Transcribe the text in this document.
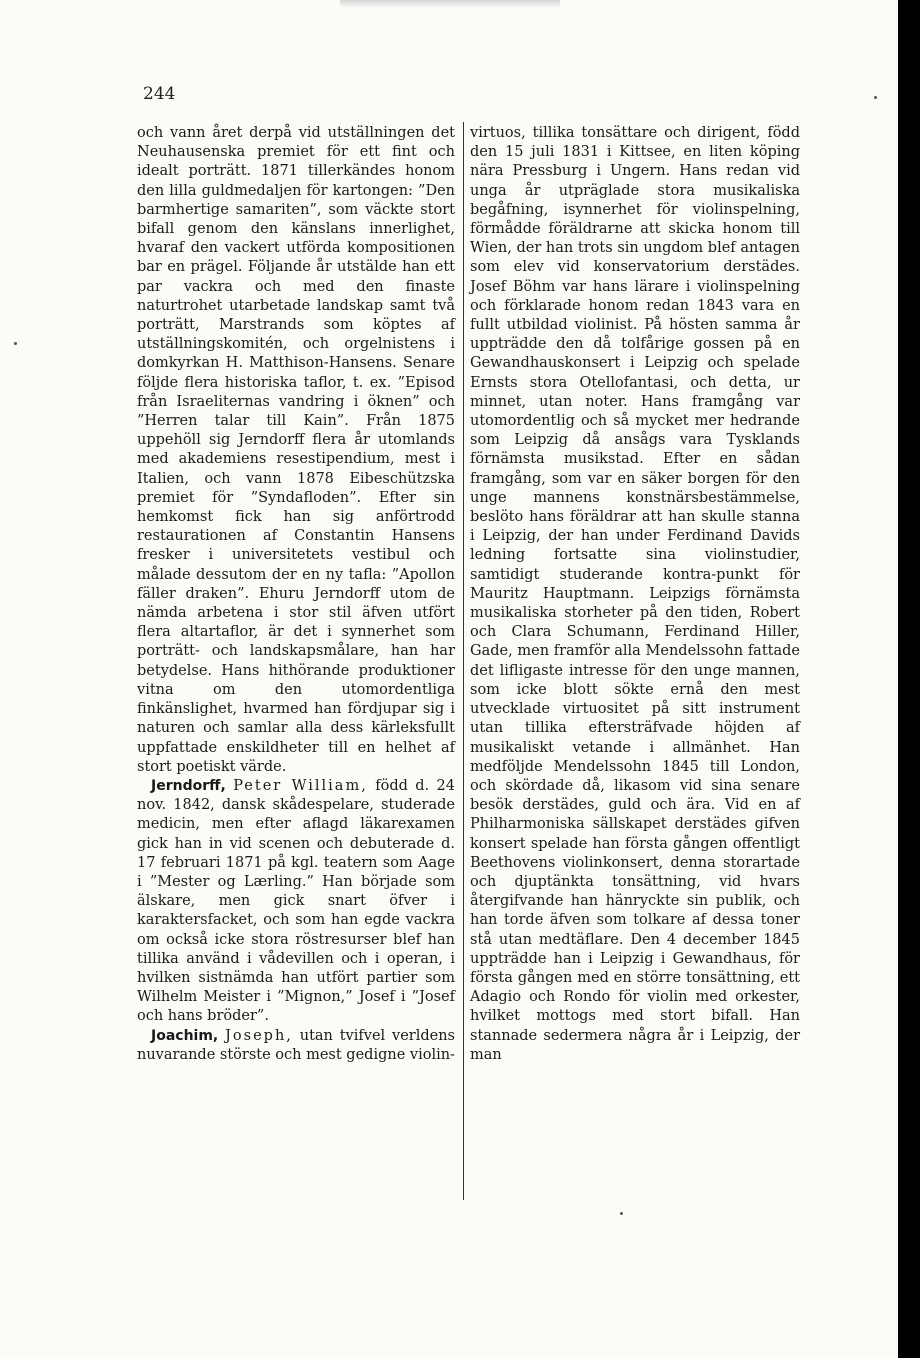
244

och vann året derpå vid utställningen det Neuhausenska premiet för ett fint och idealt porträtt. 1871 tillerkändes honom den lilla guldmedaljen för kartongen: ”Den barmhertige samariten”, som väckte stort bifall genom den känslans innerlighet, hvaraf den vackert utförda kompositionen bar en prägel. Följande år utstälde han ett par vackra och med den finaste naturtrohet utarbetade landskap samt två porträtt, Marstrands som köptes af utställningskomitén, och orgelnistens i domkyrkan H. Matthison-Hansens. Senare följde flera historiska taflor, t. ex. ”Episod från Israeliternas vandring i öknen” och ”Herren talar till Kain”. Från 1875 uppehöll sig Jerndorff flera år utomlands med akademiens resestipendium, mest i Italien, och vann 1878 Eibeschützska premiet för ”Syndafloden”. Efter sin hemkomst fick han sig anförtrodd restaurationen af Constantin Hansens fresker i universitetets vestibul och målade dessutom der en ny tafla: ”Apollon fäller draken”. Ehuru Jerndorff utom de nämda arbetena i stor stil äfven utfört flera altartaflor, är det i synnerhet som porträtt- och landskapsmålare, han har betydelse. Hans hithörande produktioner vitna om den utomordentliga finkänslighet, hvarmed han fördjupar sig i naturen och samlar alla dess kärleksfullt uppfattade enskildheter till en helhet af stort poetiskt värde.

Jerndorff, Peter William, född d. 24 nov. 1842, dansk skådespelare, studerade medicin, men efter aflagd läkarexamen gick han in vid scenen och debuterade d. 17 februari 1871 på kgl. teatern som Aage i ”Mester og Lærling.” Han började som älskare, men gick snart öfver i karaktersfacket, och som han egde vackra om också icke stora röstresurser blef han tillika använd i vådevillen och i operan, i hvilken sistnämda han utfört partier som Wilhelm Meister i ”Mignon,” Josef i ”Josef och hans bröder”.

Joachim, Joseph, utan tvifvel verldens nuvarande störste och mest gedigne violin-

virtuos, tillika tonsättare och dirigent, född den 15 juli 1831 i Kittsee, en liten köping nära Pressburg i Ungern. Hans redan vid unga år utpräglade stora musikaliska begåfning, isynnerhet för violinspelning, förmådde föräldrarne att skicka honom till Wien, der han trots sin ungdom blef antagen som elev vid konservatorium derstädes. Josef Böhm var hans lärare i violinspelning och förklarade honom redan 1843 vara en fullt utbildad violinist. På hösten samma år uppträdde den då tolfårige gossen på en Gewandhauskonsert i Leipzig och spelade Ernsts stora Otellofantasi, och detta, ur minnet, utan noter. Hans framgång var utomordentlig och så mycket mer hedrande som Leipzig då ansågs vara Tysklands förnämsta musikstad. Efter en sådan framgång, som var en säker borgen för den unge mannens konstnärsbestämmelse, beslöto hans föräldrar att han skulle stanna i Leipzig, der han under Ferdinand Davids ledning fortsatte sina violinstudier, samtidigt studerande kontra-punkt för Mauritz Hauptmann. Leipzigs förnämsta musikaliska storheter på den tiden, Robert och Clara Schumann, Ferdinand Hiller, Gade, men framför alla Mendelssohn fattade det lifligaste intresse för den unge mannen, som icke blott sökte ernå den mest utvecklade virtuositet på sitt instrument utan tillika eftersträfvade höjden af musikaliskt vetande i allmänhet. Han medföljde Mendelssohn 1845 till London, och skördade då, likasom vid sina senare besök derstädes, guld och ära. Vid en af Philharmoniska sällskapet derstädes gifven konsert spelade han första gången offentligt Beethovens violinkonsert, denna storartade och djuptänkta tonsättning, vid hvars återgifvande han hänryckte sin publik, och han torde äfven som tolkare af dessa toner stå utan medtäflare. Den 4 december 1845 uppträdde han i Leipzig i Gewandhaus, för första gången med en större tonsättning, ett Adagio och Rondo för violin med orkester, hvilket mottogs med stort bifall. Han stannade sedermera några år i Leipzig, der man
